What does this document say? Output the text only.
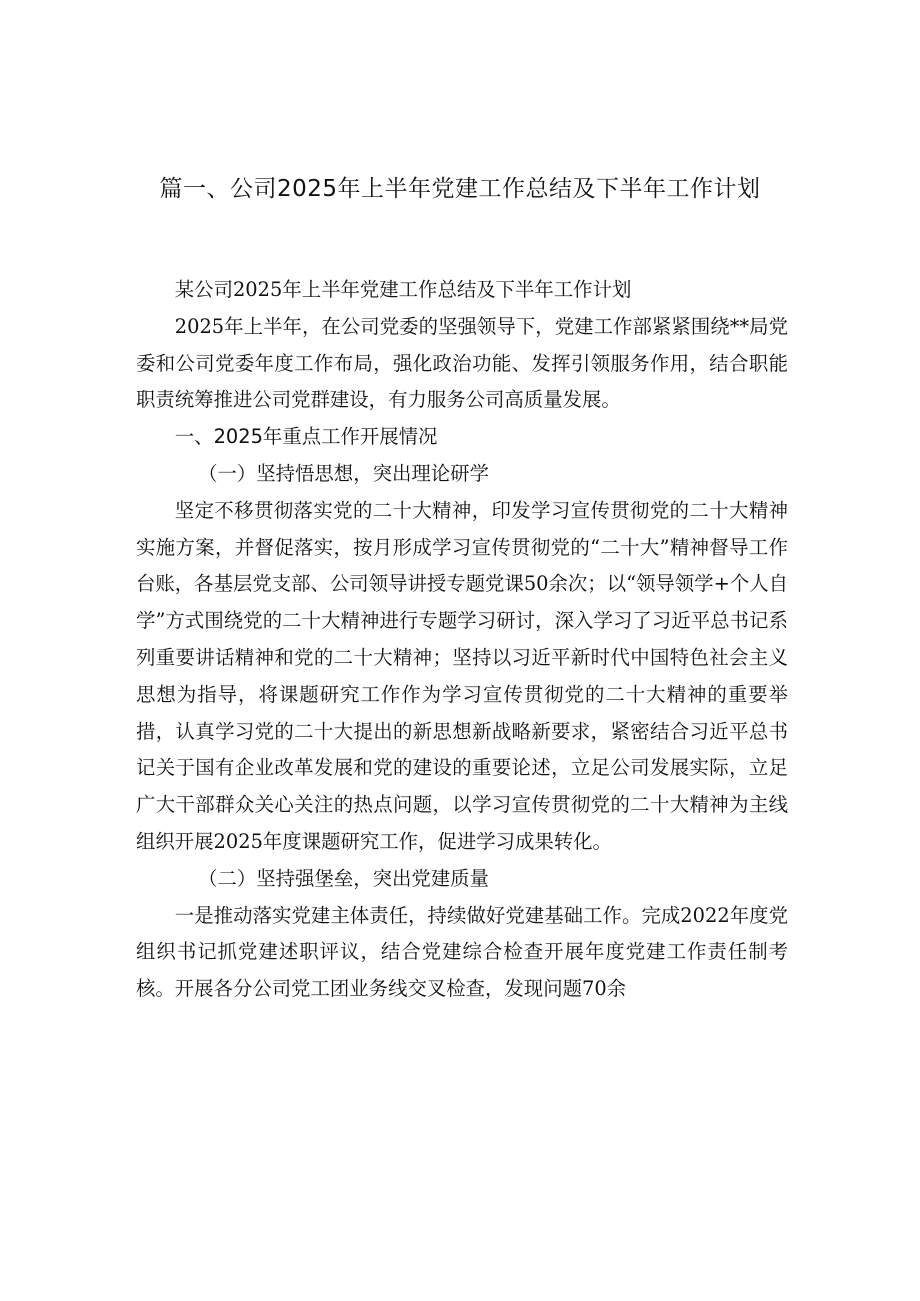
篇一、公司2025年上半年党建工作总结及下半年工作计划

某公司2025年上半年党建工作总结及下半年工作计划

2025年上半年，在公司党委的坚强领导下，党建工作部紧紧围绕**局党委和公司党委年度工作布局，强化政治功能、发挥引领服务作用，结合职能职责统筹推进公司党群建设，有力服务公司高质量发展。

一、2025年重点工作开展情况

（一）坚持悟思想，突出理论研学

坚定不移贯彻落实党的二十大精神，印发学习宣传贯彻党的二十大精神实施方案，并督促落实，按月形成学习宣传贯彻党的“二十大”精神督导工作台账，各基层党支部、公司领导讲授专题党课50余次；以“领导领学+个人自学”方式围绕党的二十大精神进行专题学习研讨，深入学习了习近平总书记系列重要讲话精神和党的二十大精神；坚持以习近平新时代中国特色社会主义思想为指导，将课题研究工作作为学习宣传贯彻党的二十大精神的重要举措，认真学习党的二十大提出的新思想新战略新要求，紧密结合习近平总书记关于国有企业改革发展和党的建设的重要论述，立足公司发展实际，立足广大干部群众关心关注的热点问题，以学习宣传贯彻党的二十大精神为主线组织开展2025年度课题研究工作，促进学习成果转化。

（二）坚持强堡垒，突出党建质量

一是推动落实党建主体责任，持续做好党建基础工作。完成2022年度党组织书记抓党建述职评议，结合党建综合检查开展年度党建工作责任制考核。开展各分公司党工团业务线交叉检查，发现问题70余
